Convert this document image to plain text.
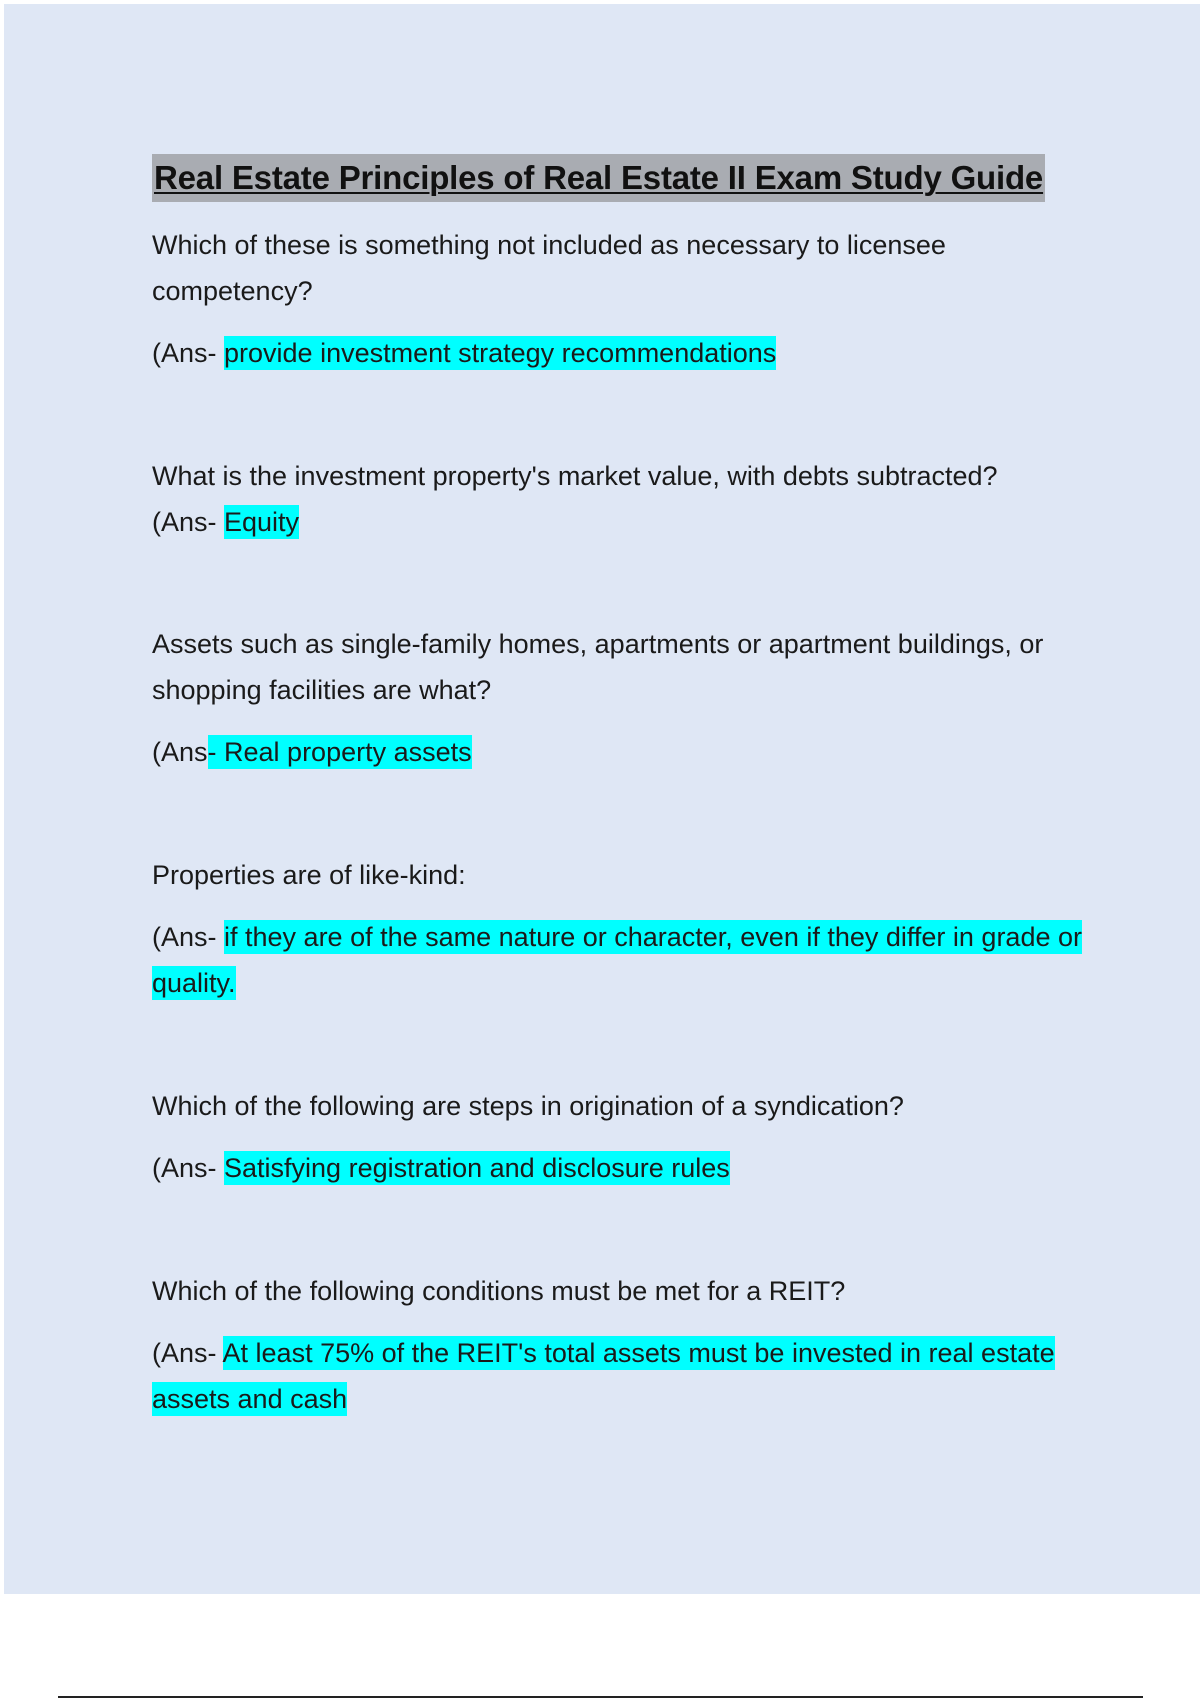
Real Estate Principles of Real Estate II Exam Study Guide

Which of these is something not included as necessary to licensee competency?

(Ans- provide investment strategy recommendations

What is the investment property's market value, with debts subtracted?

(Ans- Equity

Assets such as single-family homes, apartments or apartment buildings, or shopping facilities are what?

(Ans- Real property assets

Properties are of like-kind:

(Ans- if they are of the same nature or character, even if they differ in grade or quality.

Which of the following are steps in origination of a syndication?

(Ans- Satisfying registration and disclosure rules

Which of the following conditions must be met for a REIT?

(Ans- At least 75% of the REIT's total assets must be invested in real estate assets and cash
